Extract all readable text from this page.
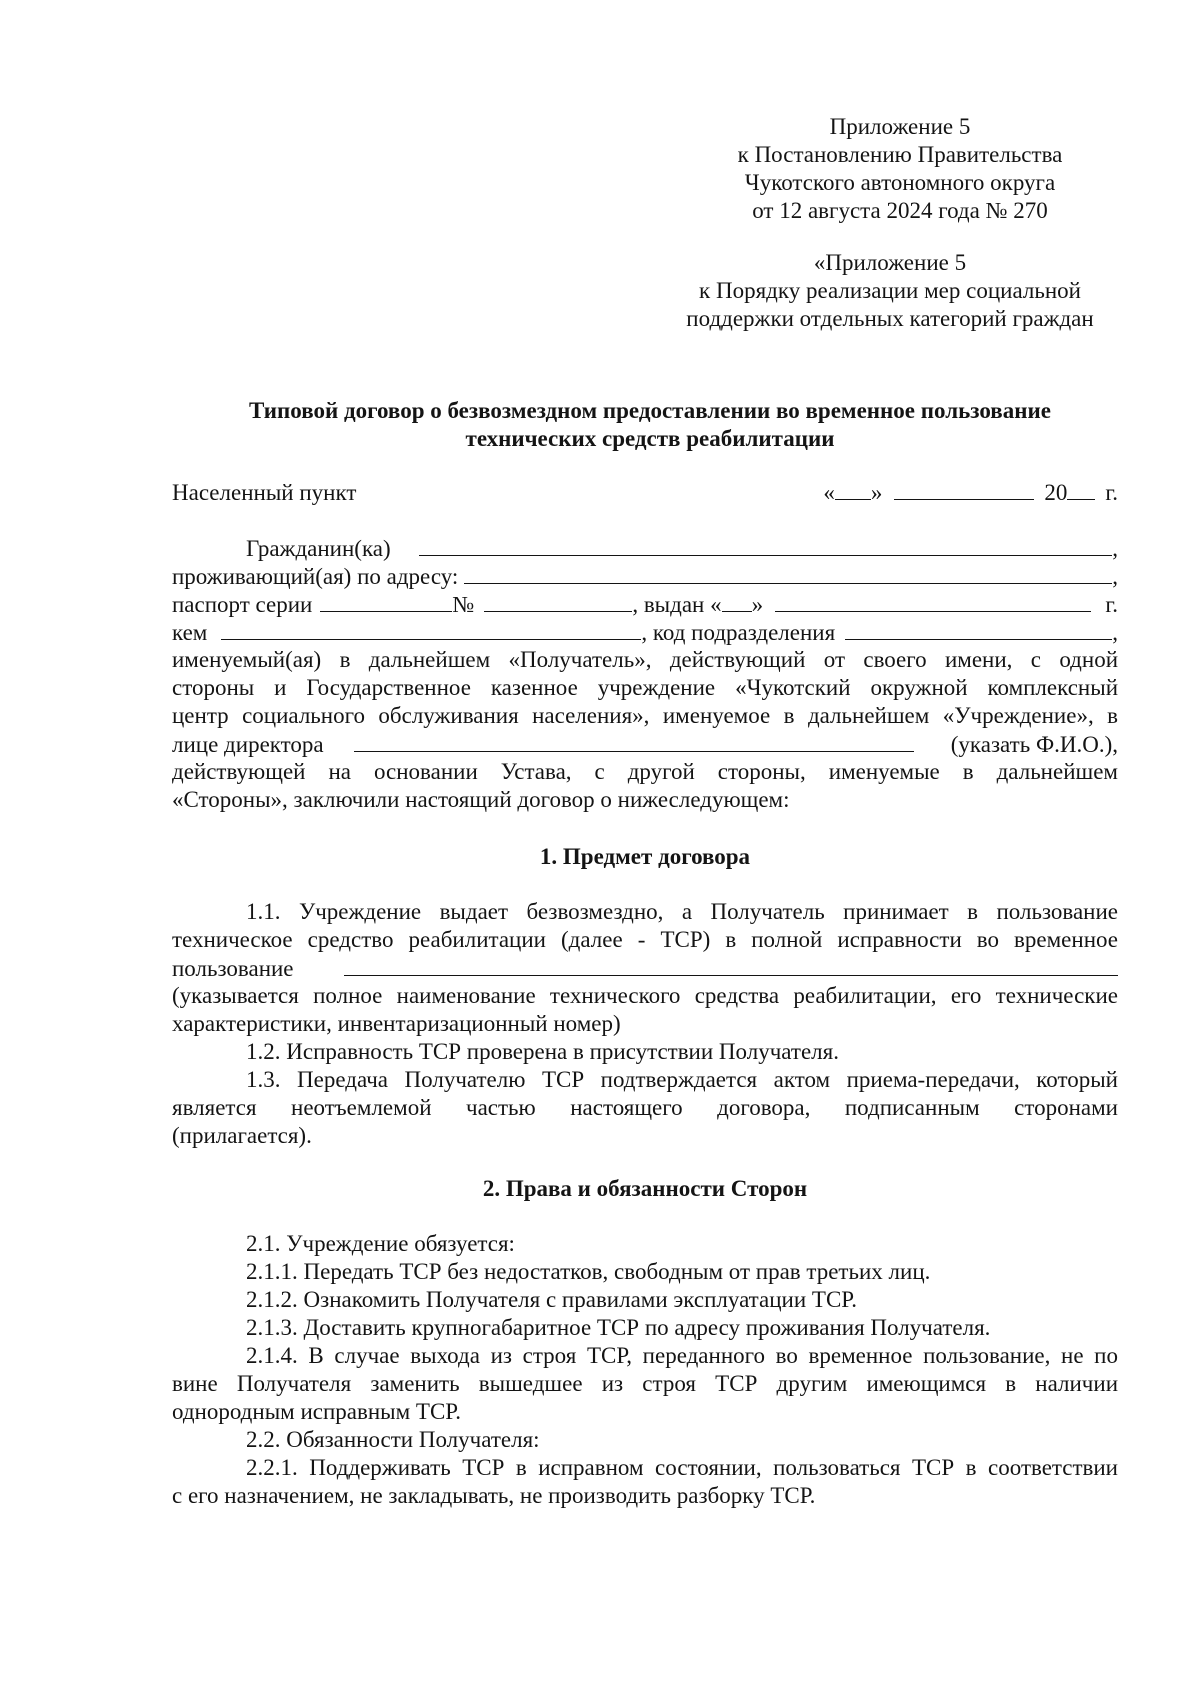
Приложение 5
к Постановлению Правительства
Чукотского автономного округа
от 12 августа 2024 года № 270
«Приложение 5
к Порядку реализации мер социальной
поддержки отдельных категорий граждан
Типовой договор о безвозмездном предоставлении во временное пользование
технических средств реабилитации
Населенный пункт	« »	20 г.
Гражданин(ка)	,
проживающий(ая) по адресу:	,
паспорт серии	№	, выдан « »	г.
кем	, код подразделения	,
именуемый(ая) в дальнейшем «Получатель», действующий от своего имени, с одной
стороны и Государственное казенное учреждение «Чукотский окружной комплексный
центр социального обслуживания населения», именуемое в дальнейшем «Учреждение», в
лице директора	(указать Ф.И.О.),
действующей на основании Устава, с другой стороны, именуемые в дальнейшем
«Стороны», заключили настоящий договор о нижеследующем:
1. Предмет договора
1.1. Учреждение выдает безвозмездно, а Получатель принимает в пользование
техническое средство реабилитации (далее - ТСР) в полной исправности во временное
пользование
(указывается полное наименование технического средства реабилитации, его технические
характеристики, инвентаризационный номер)
1.2. Исправность ТСР проверена в присутствии Получателя.
1.3. Передача Получателю ТСР подтверждается актом приема-передачи, который
является неотъемлемой частью настоящего договора, подписанным сторонами
(прилагается).
2. Права и обязанности Сторон
2.1. Учреждение обязуется:
2.1.1. Передать ТСР без недостатков, свободным от прав третьих лиц.
2.1.2. Ознакомить Получателя с правилами эксплуатации ТСР.
2.1.3. Доставить крупногабаритное ТСР по адресу проживания Получателя.
2.1.4. В случае выхода из строя ТСР, переданного во временное пользование, не по
вине Получателя заменить вышедшее из строя ТСР другим имеющимся в наличии
однородным исправным ТСР.
2.2. Обязанности Получателя:
2.2.1. Поддерживать ТСР в исправном состоянии, пользоваться ТСР в соответствии
с его назначением, не закладывать, не производить разборку ТСР.
